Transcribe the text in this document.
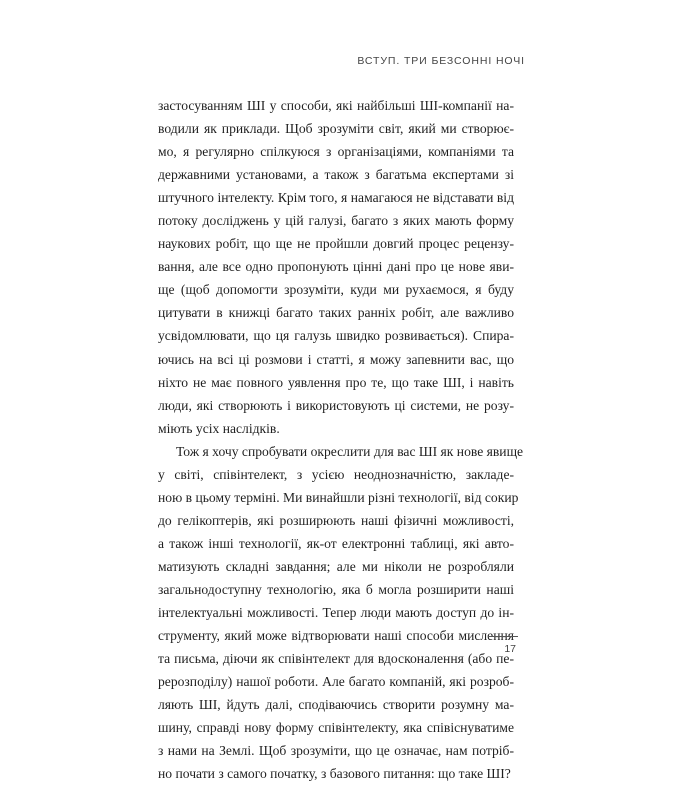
ВСТУП. ТРИ БЕЗСОННІ НОЧІ
застосуванням ШІ у способи, які найбільші ШІ-компанії на-
водили як приклади. Щоб зрозуміти світ, який ми створює-
мо, я регулярно спілкуюся з організаціями, компаніями та
державними установами, а також з багатьма експертами зі
штучного інтелекту. Крім того, я намагаюся не відставати від
потоку досліджень у цій галузі, багато з яких мають форму
наукових робіт, що ще не пройшли довгий процес рецензу-
вання, але все одно пропонують цінні дані про це нове яви-
ще (щоб допомогти зрозуміти, куди ми рухаємося, я буду
цитувати в книжці багато таких ранніх робіт, але важливо
усвідомлювати, що ця галузь швидко розвивається). Спира-
ючись на всі ці розмови і статті, я можу запевнити вас, що
ніхто не має повного уявлення про те, що таке ШІ, і навіть
люди, які створюють і використовують ці системи, не розу-
міють усіх наслідків.
Тож я хочу спробувати окреслити для вас ШІ як нове явище
у світі, співінтелект, з усією неоднозначністю, закладе-
ною в цьому терміні. Ми винайшли різні технології, від сокир
до гелікоптерів, які розширюють наші фізичні можливості,
а також інші технології, як-от електронні таблиці, які авто-
матизують складні завдання; але ми ніколи не розробляли
загальнодоступну технологію, яка б могла розширити наші
інтелектуальні можливості. Тепер люди мають доступ до ін-
струменту, який може відтворювати наші способи мислення
та письма, діючи як співінтелект для вдосконалення (або пе-
рерозподілу) нашої роботи. Але багато компаній, які розроб-
ляють ШІ, йдуть далі, сподіваючись створити розумну ма-
шину, справді нову форму співінтелекту, яка співіснуватиме
з нами на Землі. Щоб зрозуміти, що це означає, нам потріб-
но почати з самого початку, з базового питання: що таке ШІ?
17
